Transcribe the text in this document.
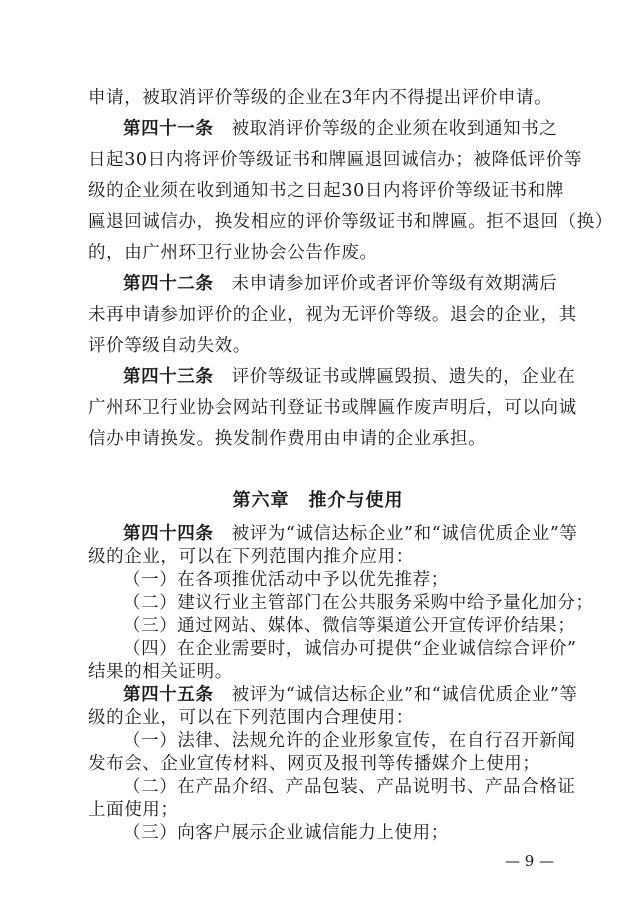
申请，被取消评价等级的企业在3年内不得提出评价申请。
第四十一条　被取消评价等级的企业须在收到通知书之
日起30日内将评价等级证书和牌匾退回诚信办；被降低评价等
级的企业须在收到通知书之日起30日内将评价等级证书和牌
匾退回诚信办，换发相应的评价等级证书和牌匾。拒不退回（换）
的，由广州环卫行业协会公告作废。
第四十二条　未申请参加评价或者评价等级有效期满后
未再申请参加评价的企业，视为无评价等级。退会的企业，其
评价等级自动失效。
第四十三条　评价等级证书或牌匾毁损、遗失的，企业在
广州环卫行业协会网站刊登证书或牌匾作废声明后，可以向诚
信办申请换发。换发制作费用由申请的企业承担。
第六章　推介与使用
— 9 —
第四十四条　被评为“诚信达标企业”和“诚信优质企业”等
级的企业，可以在下列范围内推介应用：
（一）在各项推优活动中予以优先推荐；
（二）建议行业主管部门在公共服务采购中给予量化加分；
（三）通过网站、媒体、微信等渠道公开宣传评价结果；
（四）在企业需要时，诚信办可提供“企业诚信综合评价”
结果的相关证明。
第四十五条　被评为“诚信达标企业”和“诚信优质企业”等
级的企业，可以在下列范围内合理使用：
（一）法律、法规允许的企业形象宣传，在自行召开新闻
发布会、企业宣传材料、网页及报刊等传播媒介上使用；
（二）在产品介绍、产品包装、产品说明书、产品合格证
上面使用；
（三）向客户展示企业诚信能力上使用；
